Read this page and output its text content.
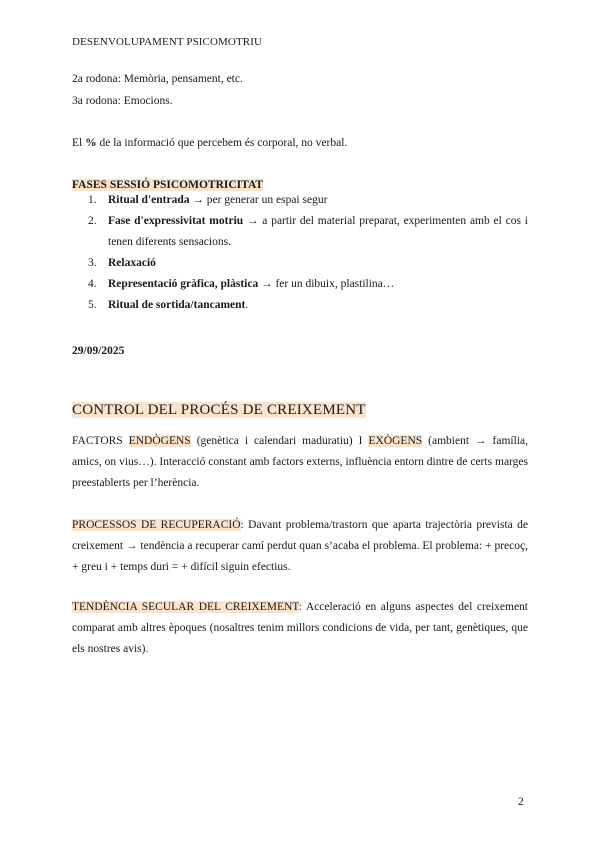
DESENVOLUPAMENT PSICOMOTRIU
2a rodona: Memòria, pensament, etc.
3a rodona: Emocions.
El % de la informació que percebem és corporal, no verbal.
FASES SESSIÓ PSICOMOTRICITAT
1. Ritual d'entrada → per generar un espai segur
2. Fase d'expressivitat motriu → a partir del material preparat, experimenten amb el cos i tenen diferents sensacions.
3. Relaxació
4. Representació gràfica, plàstica → fer un dibuix, plastilina…
5. Ritual de sortida/tancament.
29/09/2025
CONTROL DEL PROCÉS DE CREIXEMENT

FACTORS ENDÒGENS (genètica i calendari maduratiu) I EXÒGENS (ambient → família, amics, on vius…). Interacció constant amb factors externs, influència entorn dintre de certs marges preestablerts per l’herència.

PROCESSOS DE RECUPERACIÓ: Davant problema/trastorn que aparta trajectòria prevista de creixement → tendència a recuperar camí perdut quan s’acaba el problema. El problema: + precoç, + greu i + temps duri = + difícil siguin efectius.

TENDÈNCIA SECULAR DEL CREIXEMENT: Acceleració en alguns aspectes del creixement comparat amb altres èpoques (nosaltres tenim millors condicions de vida, per tant, genètiques, que els nostres avis).

2
